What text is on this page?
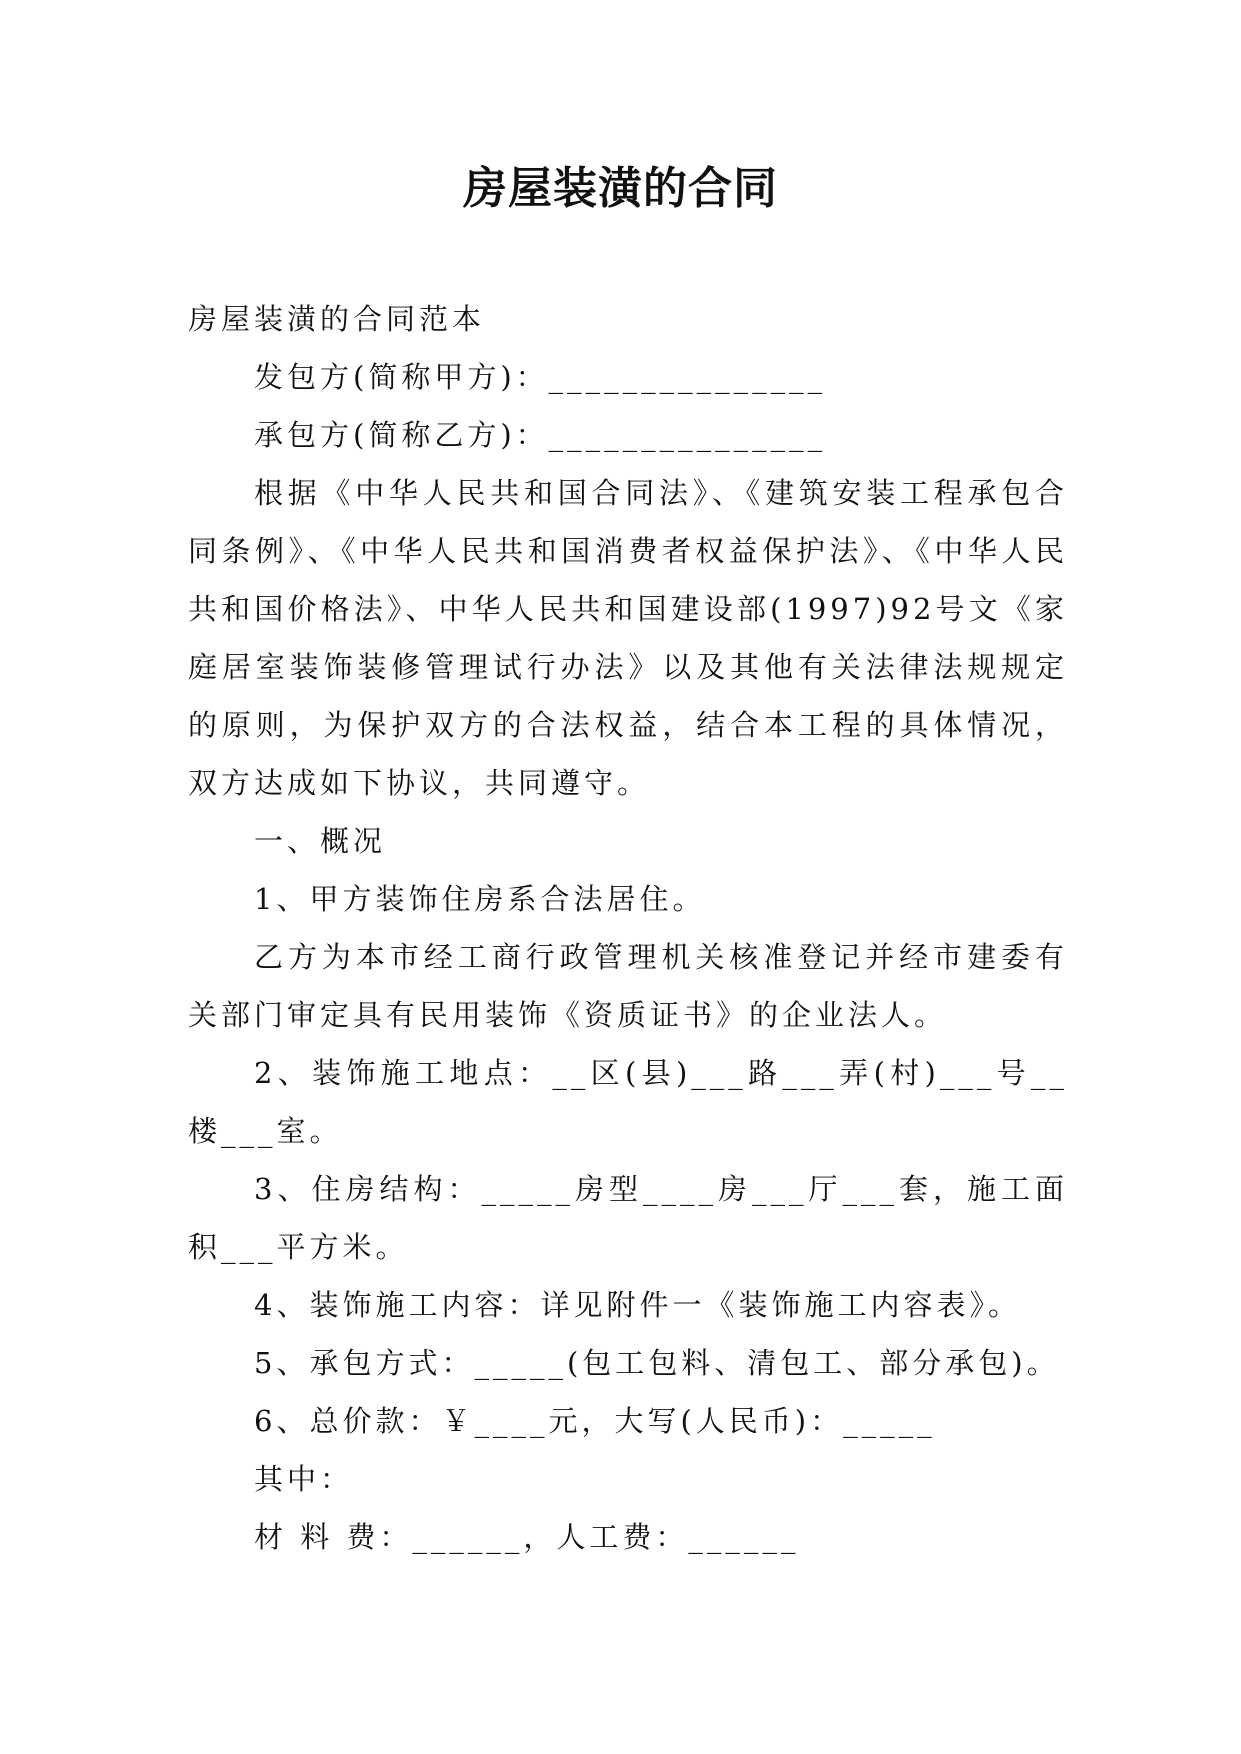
房屋装潢的合同

房屋装潢的合同范本

发包方(简称甲方)：_______________

承包方(简称乙方)：_______________

根据《中华人民共和国合同法》、《建筑安装工程承包合同条例》、《中华人民共和国消费者权益保护法》、《中华人民共和国价格法》、中华人民共和国建设部(1997)92号文《家庭居室装饰装修管理试行办法》以及其他有关法律法规规定的原则，为保护双方的合法权益，结合本工程的具体情况，双方达成如下协议，共同遵守。

一、概况

1、甲方装饰住房系合法居住。

乙方为本市经工商行政管理机关核准登记并经市建委有关部门审定具有民用装饰《资质证书》的企业法人。

2、装饰施工地点：__区(县)___路___弄(村)___号__楼___室。

3、住房结构：_____房型____房___厅___套，施工面积___平方米。

4、装饰施工内容：详见附件一《装饰施工内容表》。

5、承包方式：_____(包工包料、清包工、部分承包)。

6、总价款：￥____元，大写(人民币)：_____

其中：

材 料 费：______，人工费：______
